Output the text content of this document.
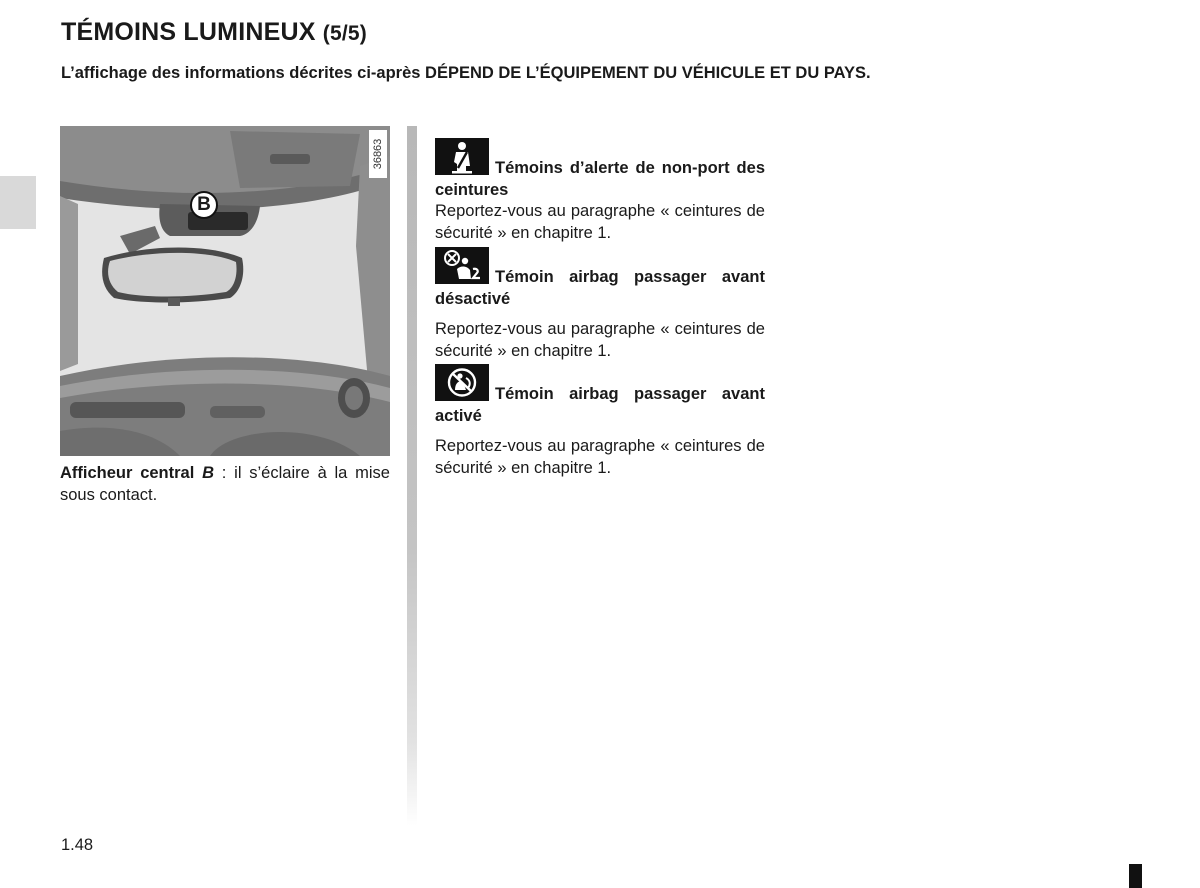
TÉMOINS LUMINEUX (5/5)
L’affichage des informations décrites ci-après DÉPEND DE L’ÉQUIPEMENT DU VÉHICULE ET DU PAYS.
B
36863
Afficheur central B : il s’éclaire à la mise sous contact.
Témoins d’alerte de non-port des ceintures
Reportez-vous au paragraphe « ceintures de sécurité » en chapitre 1.
Témoin airbag passager avant désactivé
Reportez-vous au paragraphe « ceintures de sécurité » en chapitre 1.
Témoin airbag passager avant activé
Reportez-vous au paragraphe « ceintures de sécurité » en chapitre 1.
1.48
